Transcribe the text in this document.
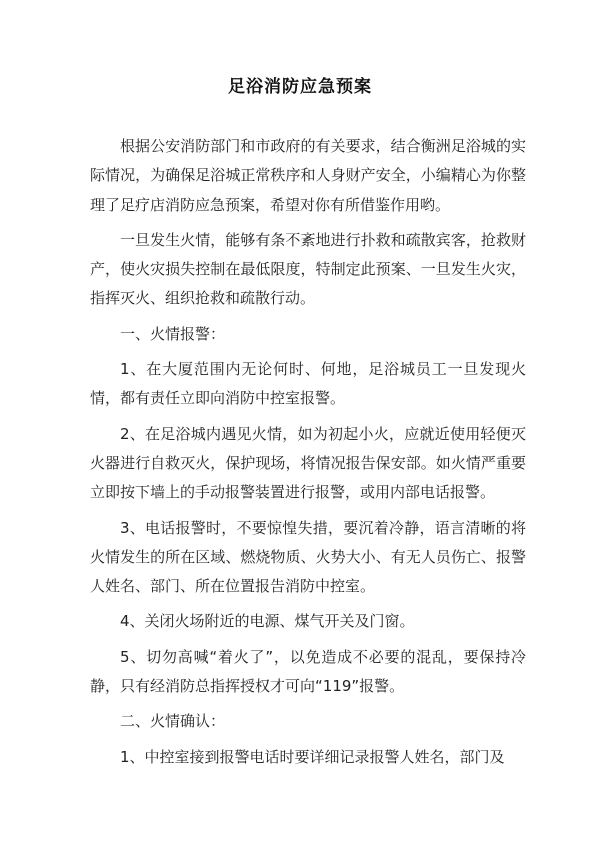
足浴消防应急预案

根据公安消防部门和市政府的有关要求，结合衡洲足浴城的实际情况，为确保足浴城正常秩序和人身财产安全，小编精心为你整理了足疗店消防应急预案，希望对你有所借鉴作用哟。

一旦发生火情，能够有条不紊地进行扑救和疏散宾客，抢救财产，使火灾损失控制在最低限度，特制定此预案、一旦发生火灾，指挥灭火、组织抢救和疏散行动。

一、火情报警：

1、在大厦范围内无论何时、何地，足浴城员工一旦发现火情，都有责任立即向消防中控室报警。

2、在足浴城内遇见火情，如为初起小火，应就近使用轻便灭火器进行自救灭火，保护现场，将情况报告保安部。如火情严重要立即按下墙上的手动报警装置进行报警，或用内部电话报警。

3、电话报警时，不要惊惶失措，要沉着冷静，语言清晰的将火情发生的所在区域、燃烧物质、火势大小、有无人员伤亡、报警人姓名、部门、所在位置报告消防中控室。

4、关闭火场附近的电源、煤气开关及门窗。

5、切勿高喊“着火了”，以免造成不必要的混乱，要保持冷静，只有经消防总指挥授权才可向“119”报警。

二、火情确认：

1、中控室接到报警电话时要详细记录报警人姓名，部门及
